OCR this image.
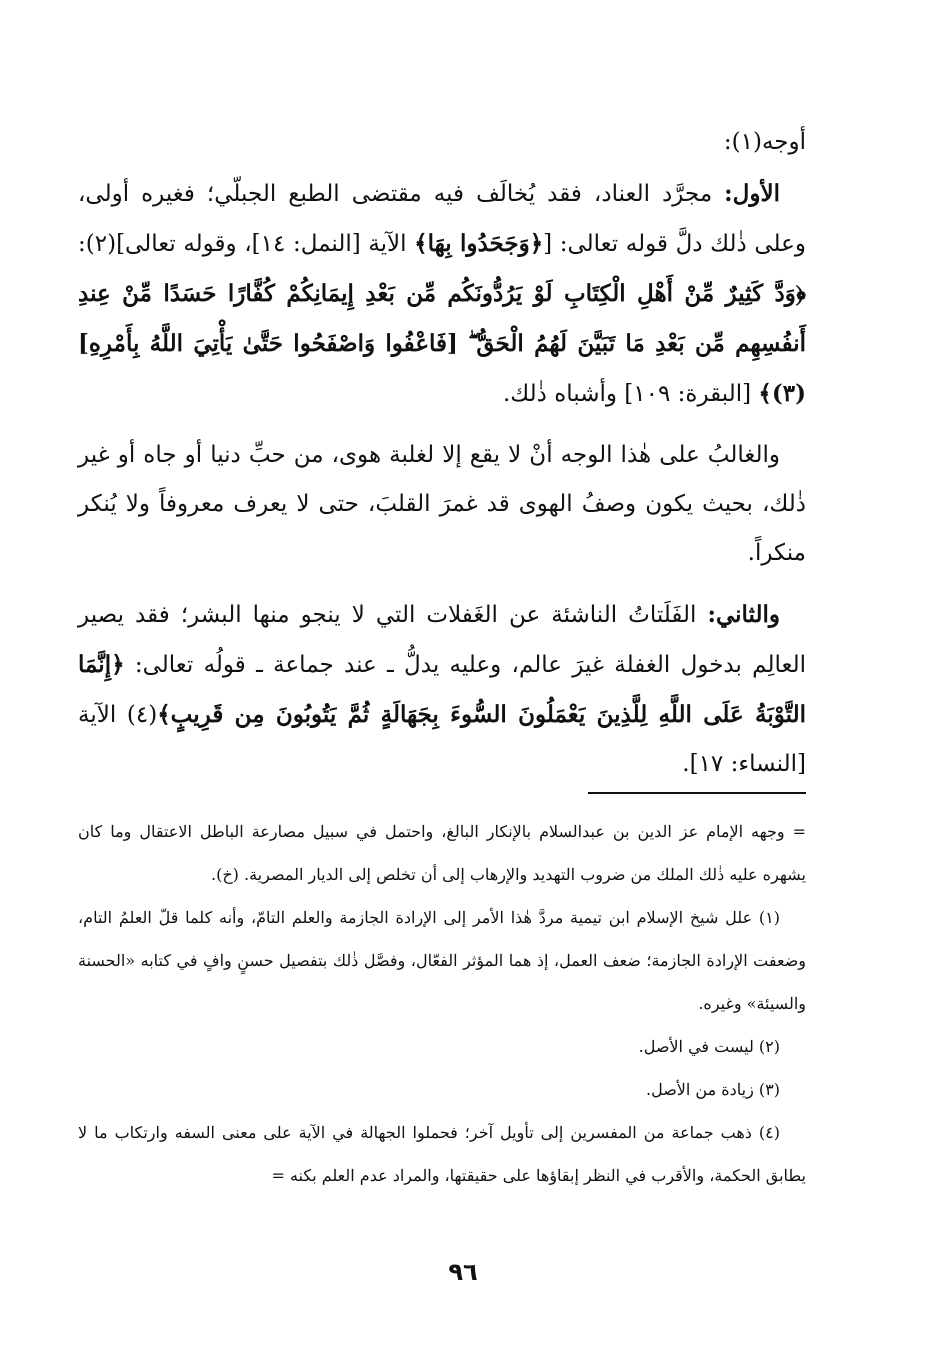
أوجه(١):

الأول: مجرَّد العناد، فقد يُخالَف فيه مقتضى الطبع الجبلّي؛ فغيره أولى، وعلى ذٰلك دلَّ قوله تعالى: [﴿وَجَحَدُوا بِهَا﴾ الآية [النمل: ١٤]، وقوله تعالى](٢): ﴿وَدَّ كَثِيرٌ مِّنْ أَهْلِ الْكِتَابِ لَوْ يَرُدُّونَكُم مِّن بَعْدِ إِيمَانِكُمْ كُفَّارًا حَسَدًا مِّنْ عِندِ أَنفُسِهِم مِّن بَعْدِ مَا تَبَيَّنَ لَهُمُ الْحَقُّ ۖ [فَاعْفُوا وَاصْفَحُوا حَتَّىٰ يَأْتِيَ اللَّهُ بِأَمْرِهِ](٣)﴾ [البقرة: ١٠٩] وأشباه ذٰلك.

والغالبُ على هٰذا الوجه أنْ لا يقع إلا لغلبة هوى، من حبِّ دنيا أو جاه أو غير ذٰلك، بحيث يكون وصفُ الهوى قد غمرَ القلبَ، حتى لا يعرف معروفاً ولا يُنكر منكراً.

والثاني: الفَلَتاتُ الناشئة عن الغَفلات التي لا ينجو منها البشر؛ فقد يصير العالِم بدخول الغفلة غيرَ عالم، وعليه يدلُّ ـ عند جماعة ـ قولُه تعالى: ﴿إِنَّمَا التَّوْبَةُ عَلَى اللَّهِ لِلَّذِينَ يَعْمَلُونَ السُّوءَ بِجَهَالَةٍ ثُمَّ يَتُوبُونَ مِن قَرِيبٍ﴾(٤) الآية [النساء: ١٧].

= وجهه الإمام عز الدين بن عبدالسلام بالإنكار البالغ، واحتمل في سبيل مصارعة الباطل الاعتقال وما كان يشهره عليه ذٰلك الملك من ضروب التهديد والإرهاب إلى أن تخلص إلى الديار المصرية. (خ).

(١) علل شيخ الإسلام ابن تيمية مردَّ هٰذا الأمر إلى الإرادة الجازمة والعلم التامّ، وأنه كلما قلّ العلمُ التام، وضعفت الإرادة الجازمة؛ ضعف العمل، إذ هما المؤثر الفعّال، وفصَّل ذٰلك بتفصيل حسنٍ وافٍ في كتابه «الحسنة والسيئة» وغيره.

(٢) ليست في الأصل.

(٣) زيادة من الأصل.

(٤) ذهب جماعة من المفسرين إلى تأويل آخر؛ فحملوا الجهالة في الآية على معنى السفه وارتكاب ما لا يطابق الحكمة، والأقرب في النظر إبقاؤها على حقيقتها، والمراد عدم العلم بكنه =

٩٦
